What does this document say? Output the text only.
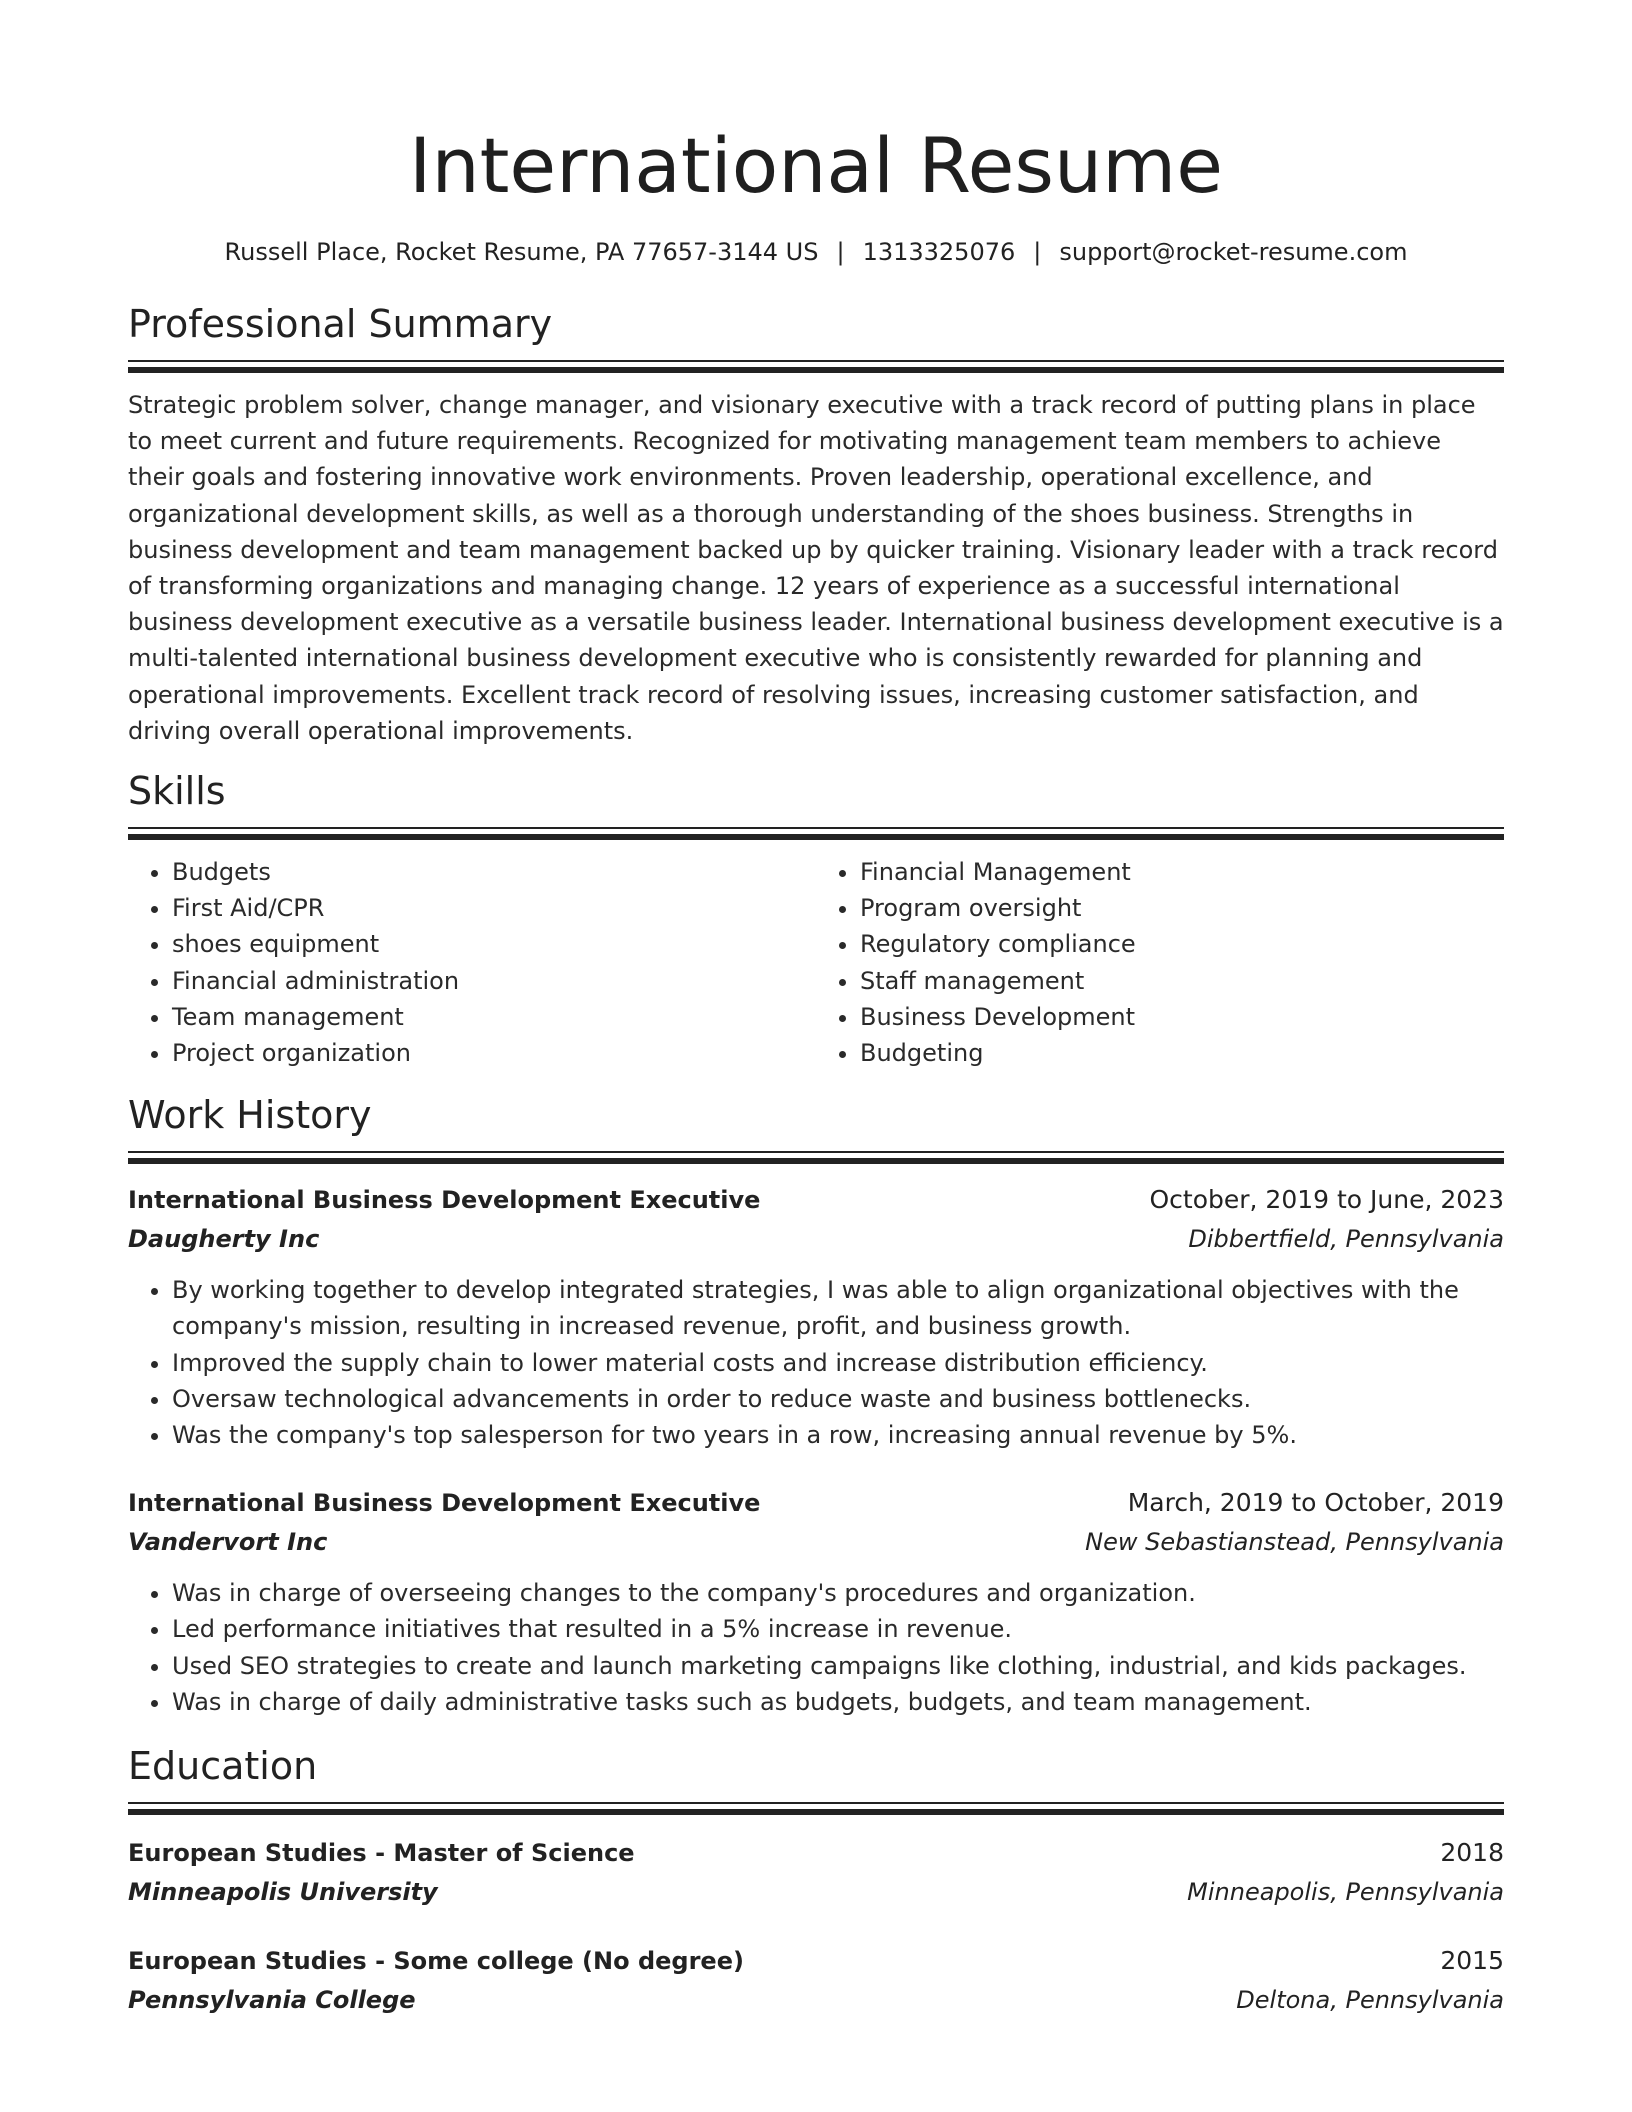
International Resume
Russell Place, Rocket Resume, PA 77657-3144 US | 1313325076 | support@rocket-resume.com
Professional Summary
Strategic problem solver, change manager, and visionary executive with a track record of putting plans in place to meet current and future requirements. Recognized for motivating management team members to achieve their goals and fostering innovative work environments. Proven leadership, operational excellence, and organizational development skills, as well as a thorough understanding of the shoes business. Strengths in business development and team management backed up by quicker training. Visionary leader with a track record of transforming organizations and managing change. 12 years of experience as a successful international business development executive as a versatile business leader. International business development executive is a multi-talented international business development executive who is consistently rewarded for planning and operational improvements. Excellent track record of resolving issues, increasing customer satisfaction, and driving overall operational improvements.
Skills
• Budgets
• First Aid/CPR
• shoes equipment
• Financial administration
• Team management
• Project organization
• Financial Management
• Program oversight
• Regulatory compliance
• Staff management
• Business Development
• Budgeting
Work History
International Business Development Executive	October, 2019 to June, 2023
Daugherty Inc	Dibbertfield, Pennsylvania
• By working together to develop integrated strategies, I was able to align organizational objectives with the company's mission, resulting in increased revenue, profit, and business growth.
• Improved the supply chain to lower material costs and increase distribution efficiency.
• Oversaw technological advancements in order to reduce waste and business bottlenecks.
• Was the company's top salesperson for two years in a row, increasing annual revenue by 5%.
International Business Development Executive	March, 2019 to October, 2019
Vandervort Inc	New Sebastianstead, Pennsylvania
• Was in charge of overseeing changes to the company's procedures and organization.
• Led performance initiatives that resulted in a 5% increase in revenue.
• Used SEO strategies to create and launch marketing campaigns like clothing, industrial, and kids packages.
• Was in charge of daily administrative tasks such as budgets, budgets, and team management.
Education
European Studies - Master of Science	2018
Minneapolis University	Minneapolis, Pennsylvania
European Studies - Some college (No degree)	2015
Pennsylvania College	Deltona, Pennsylvania
